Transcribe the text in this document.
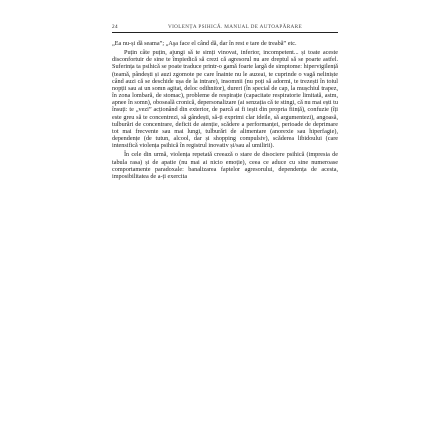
24	VIOLENȚA PSIHICĂ. MANUAL DE AUTOAPĂRARE

„Ea nu-și dă seama”; „Aşa face el când dă, dar în rest e tare de treabă” etc.

Puțin câte puțin, ajungi să te simți vinovat, inferior, incompetent... și toate aceste disconfortuir de sine te împiedică să crezi că agresorul nu are dreptul să se poarte astfel. Suferința ta psihică se poate traduce printr-o gamă foarte largă de simptome: hipervigilență (teamă, pândești și auzi zgomote pe care înainte nu le auzeai, te cuprinde o vagă neliniște când auzi că se deschide ușa de la intrare), insomnii (nu poți să adormi, te trezești în toiul nopții sau ai un somn agitat, deloc odihnitor), dureri (în special de cap, la mușchiul trapez, în zona lombară, de stomac), probleme de respirație (capacitate respiratorie limitată, astm, apnee în somn), oboseală cronică, depersonalizare (ai senzația că te stingi, că nu mai ești tu însuți: te „vezi” acționând din exterior, de parcă ai fi ieșit din propria ființă), confuzie (îți este greu să te concentrezi, să gândești, să-ți exprimi clar ideile, să argumentezi), angoasă, tulburări de concentrare, deficit de atenție, scădere a performanței, perioade de deprimare tot mai frecvente sau mai lungi, tulburări de alimentare (anorexie sau hiperfagie), dependențe (de tutun, alcool, dar și shopping compulsiv), scăderea libidoului (care intensifică violența psihică în registrul inovativ și/sau al umilirii).

În cele din urmă, violența repetată creează o stare de disociere psihică (impresia de tabula rasa) și de apatie (nu mai ai nicio emoție), ceea ce aduce cu sine numeroase comportamente paradoxale: banalizarea faptelor agresorului, dependența de acesta, imposibilitatea de a-ți exercita
